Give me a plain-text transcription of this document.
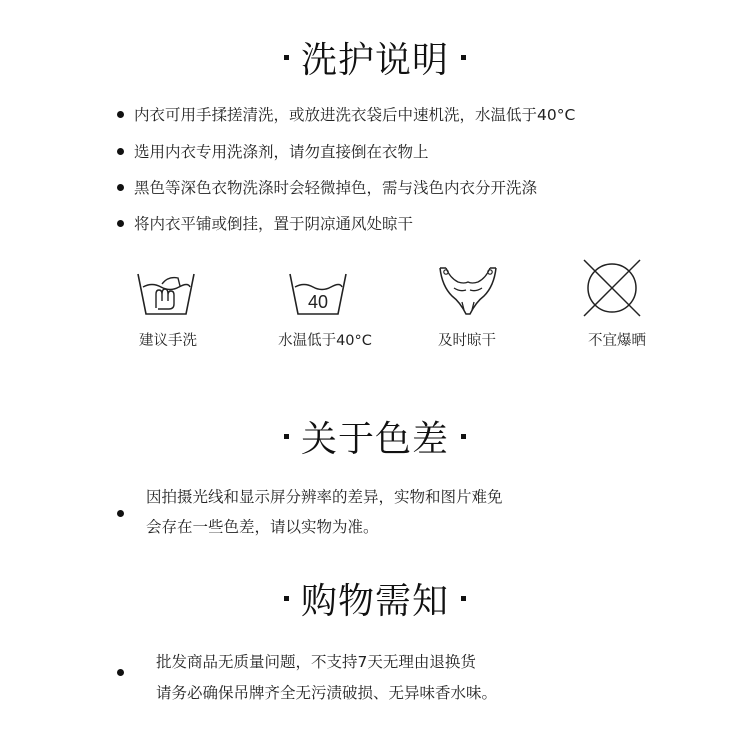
洗护说明
内衣可用手揉搓清洗，或放进洗衣袋后中速机洗，水温低于40°C
选用内衣专用洗涤剂，请勿直接倒在衣物上
黑色等深色衣物洗涤时会轻微掉色，需与浅色内衣分开洗涤
将内衣平铺或倒挂，置于阴凉通风处晾干
40
建议手洗	水温低于40°C	及时晾干	不宜爆晒
关于色差
因拍摄光线和显示屏分辨率的差异，实物和图片难免
会存在一些色差，请以实物为准。
购物需知
批发商品无质量问题，不支持7天无理由退换货
请务必确保吊牌齐全无污渍破损、无异味香水味。
